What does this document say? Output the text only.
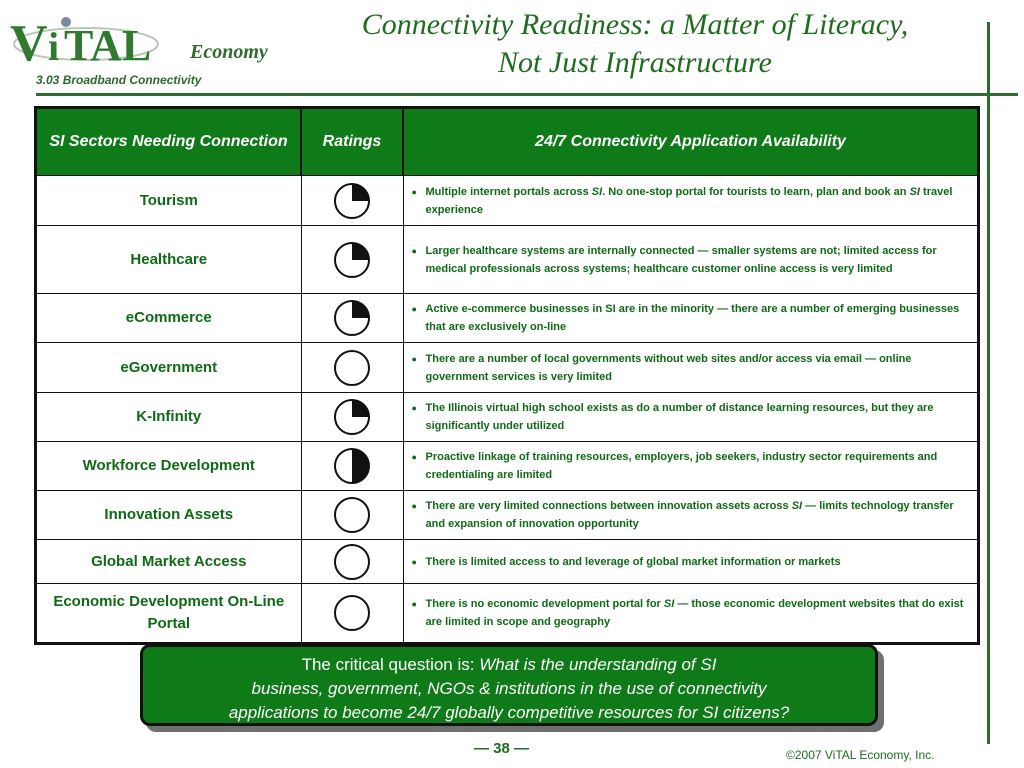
V i TAL Economy
3.03 Broadband Connectivity
Connectivity Readiness: a Matter of Literacy,
Not Just Infrastructure
SI Sectors Needing Connection	Ratings	24/7 Connectivity Application Availability
Tourism		● Multiple internet portals across SI. No one-stop portal for tourists to learn, plan and book an SI travel experience

Healthcare		● Larger healthcare systems are internally connected — smaller systems are not; limited access for medical professionals across systems; healthcare customer online access is very limited

eCommerce		● Active e-commerce businesses in SI are in the minority — there are a number of emerging businesses that are exclusively on-line

eGovernment		● There are a number of local governments without web sites and/or access via email — online government services is very limited

K-Infinity		● The Illinois virtual high school exists as do a number of distance learning resources, but they are significantly under utilized

Workforce Development		● Proactive linkage of training resources, employers, job seekers, industry sector requirements and credentialing are limited

Innovation Assets		● There are very limited connections between innovation assets across SI — limits technology transfer and expansion of innovation opportunity

Global Market Access		● There is limited access to and leverage of global market information or markets

Economic Development On-Line Portal		● There is no economic development portal for SI — those economic development websites that do exist are limited in scope and geography
The critical question is: What is the understanding of SI
business, government, NGOs & institutions in the use of connectivity
applications to become 24/7 globally competitive resources for SI citizens?
— 38 —	©2007 ViTAL Economy, Inc.
